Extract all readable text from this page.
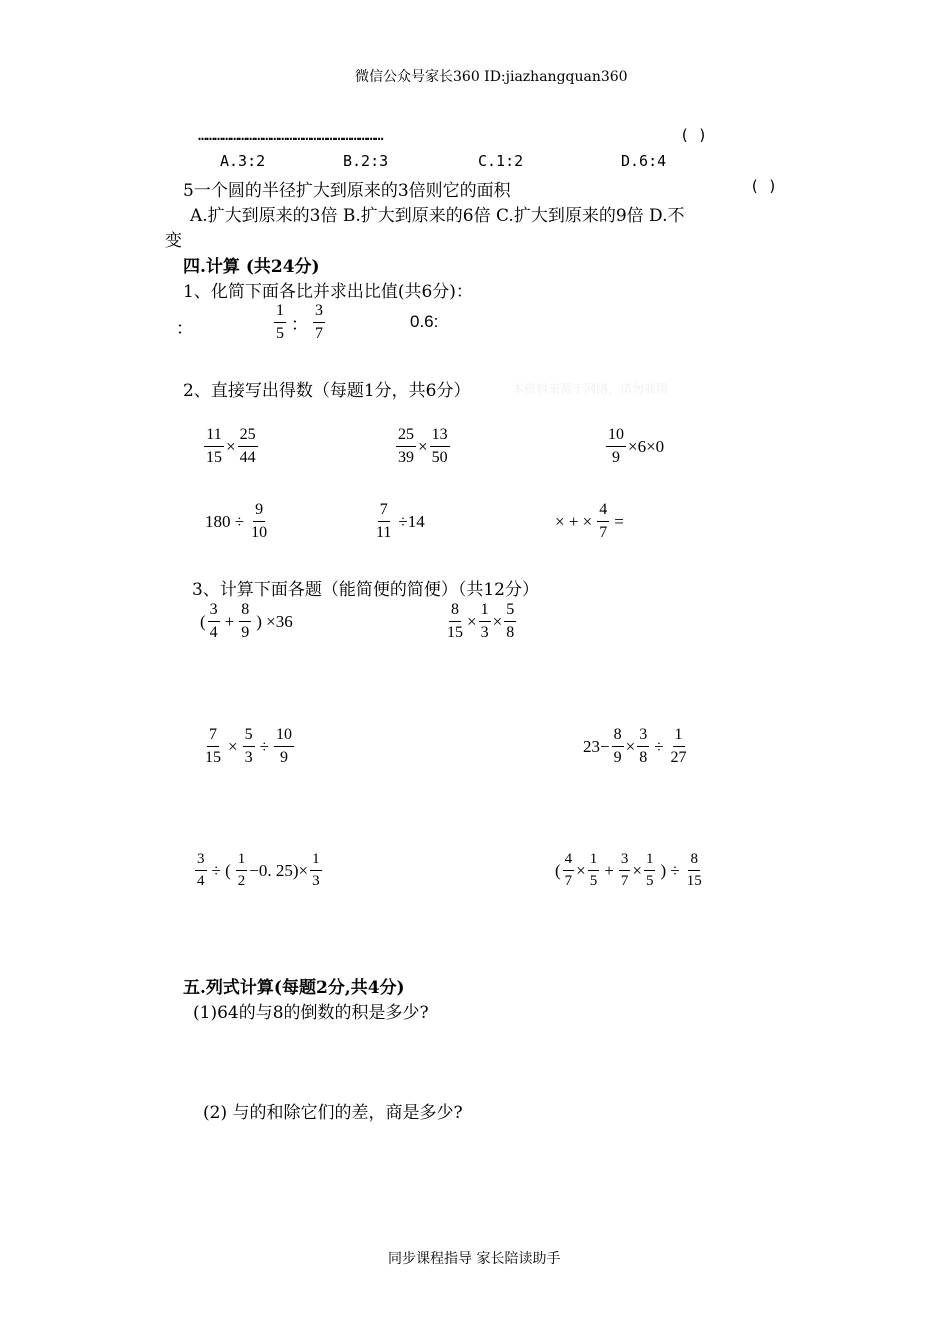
微信公众号家长360 ID:jiazhangquan360
……………………………………………………………	( )
A.3:2	B.2:3	C.1:2	D.6:4
5一个圆的半径扩大到原来的3倍则它的面积	( )
A.扩大到原来的3倍 B.扩大到原来的6倍 C.扩大到原来的9倍 D.不
变
四.计算 (共24分)
1、化简下面各比并求出比值(共6分)：
：	$\frac{1}{5}$ ： $\frac{3}{7}$	0.6:
2、直接写出得数（每题1分，共6分）	本资料来源于网络，请勿商用
$\frac{11}{15} \times \frac{25}{44}$	$\frac{25}{39} \times \frac{13}{50}$	$\frac{10}{9} \times 6\times 0$
$180 \div \frac{9}{10}$	$\frac{7}{11} \div 14$	× + × $\frac{4}{7}$ =
3、计算下面各题（能简便的简便）（共12分）
( $\frac{3}{4} + \frac{8}{9}$ ) ×36	$\frac{8}{15} \times \frac{1}{3} \times \frac{5}{8}$
$\frac{7}{15} \times \frac{5}{3} \div \frac{10}{9}$	$23- \frac{8}{9} \times \frac{3}{8} \div \frac{1}{27}$
$\frac{3}{4}$ ÷ ( $\frac{1}{2} -0$. $25)\times \frac{1}{3}$	( $\frac{4}{7} \times \frac{1}{5} + \frac{3}{7} \times \frac{1}{5}$ ) ÷ $\frac{8}{15}$
五.列式计算(每题2分,共4分)
(1)64的与8的倒数的积是多少?
(2) 与的和除它们的差，商是多少?
同步课程指导 家长陪读助手
